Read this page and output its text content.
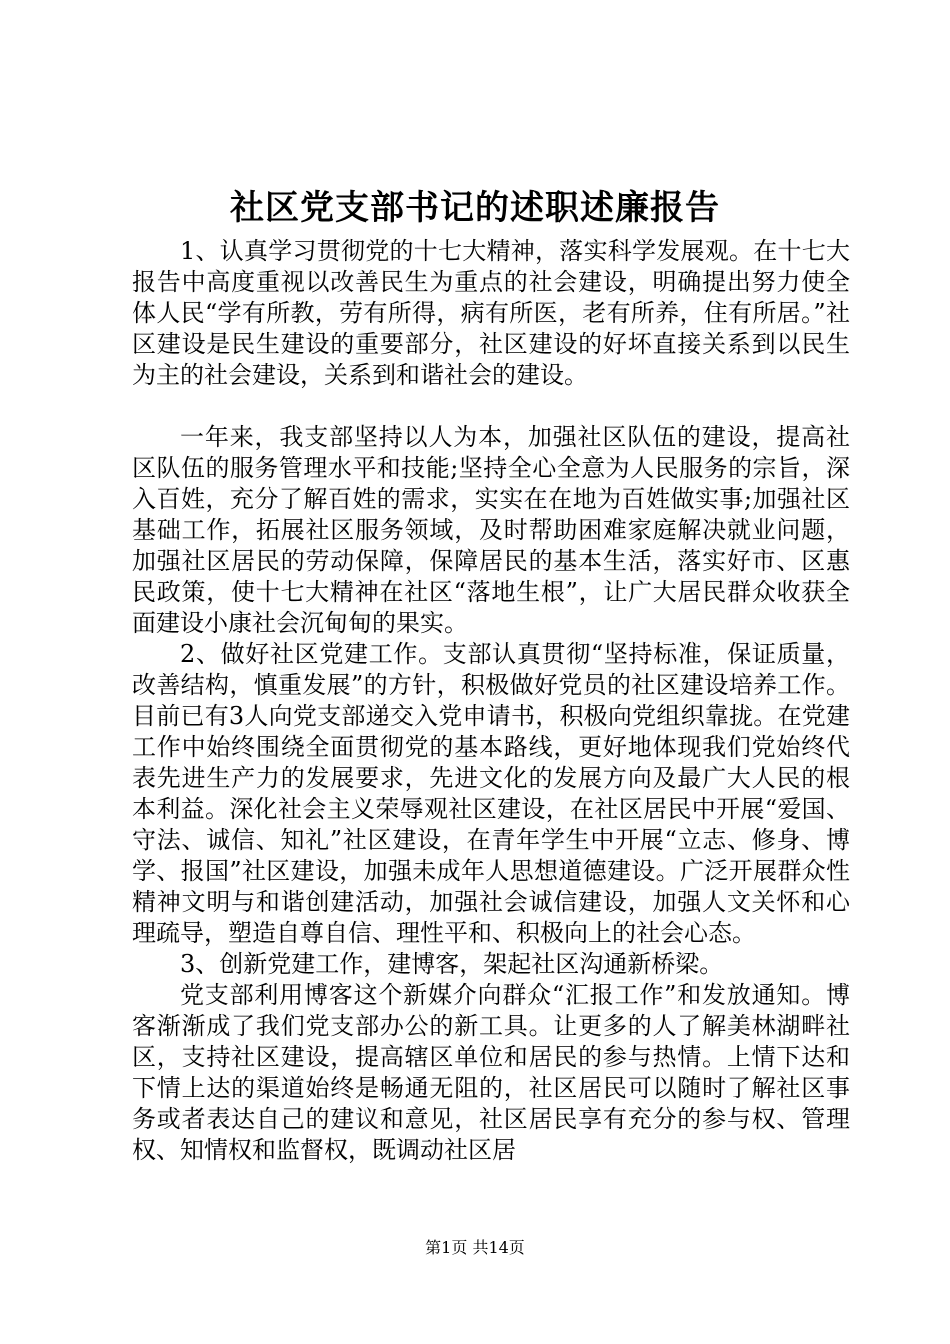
社区党支部书记的述职述廉报告

1、认真学习贯彻党的十七大精神，落实科学发展观。在十七大报告中高度重视以改善民生为重点的社会建设，明确提出努力使全体人民“学有所教，劳有所得，病有所医，老有所养，住有所居。”社区建设是民生建设的重要部分，社区建设的好坏直接关系到以民生为主的社会建设，关系到和谐社会的建设。

一年来，我支部坚持以人为本，加强社区队伍的建设，提高社区队伍的服务管理水平和技能;坚持全心全意为人民服务的宗旨，深入百姓，充分了解百姓的需求，实实在在地为百姓做实事;加强社区基础工作，拓展社区服务领域，及时帮助困难家庭解决就业问题，加强社区居民的劳动保障，保障居民的基本生活，落实好市、区惠民政策，使十七大精神在社区“落地生根”，让广大居民群众收获全面建设小康社会沉甸甸的果实。

2、做好社区党建工作。支部认真贯彻“坚持标准，保证质量，改善结构，慎重发展”的方针，积极做好党员的社区建设培养工作。目前已有3人向党支部递交入党申请书，积极向党组织靠拢。在党建工作中始终围绕全面贯彻党的基本路线，更好地体现我们党始终代表先进生产力的发展要求，先进文化的发展方向及最广大人民的根本利益。深化社会主义荣辱观社区建设，在社区居民中开展“爱国、守法、诚信、知礼”社区建设，在青年学生中开展“立志、修身、博学、报国”社区建设，加强未成年人思想道德建设。广泛开展群众性精神文明与和谐创建活动，加强社会诚信建设，加强人文关怀和心理疏导，塑造自尊自信、理性平和、积极向上的社会心态。

3、创新党建工作，建博客，架起社区沟通新桥梁。

党支部利用博客这个新媒介向群众“汇报工作”和发放通知。博客渐渐成了我们党支部办公的新工具。让更多的人了解美林湖畔社区，支持社区建设，提高辖区单位和居民的参与热情。上情下达和下情上达的渠道始终是畅通无阻的，社区居民可以随时了解社区事务或者表达自己的建议和意见，社区居民享有充分的参与权、管理权、知情权和监督权，既调动社区居

第1页 共14页
